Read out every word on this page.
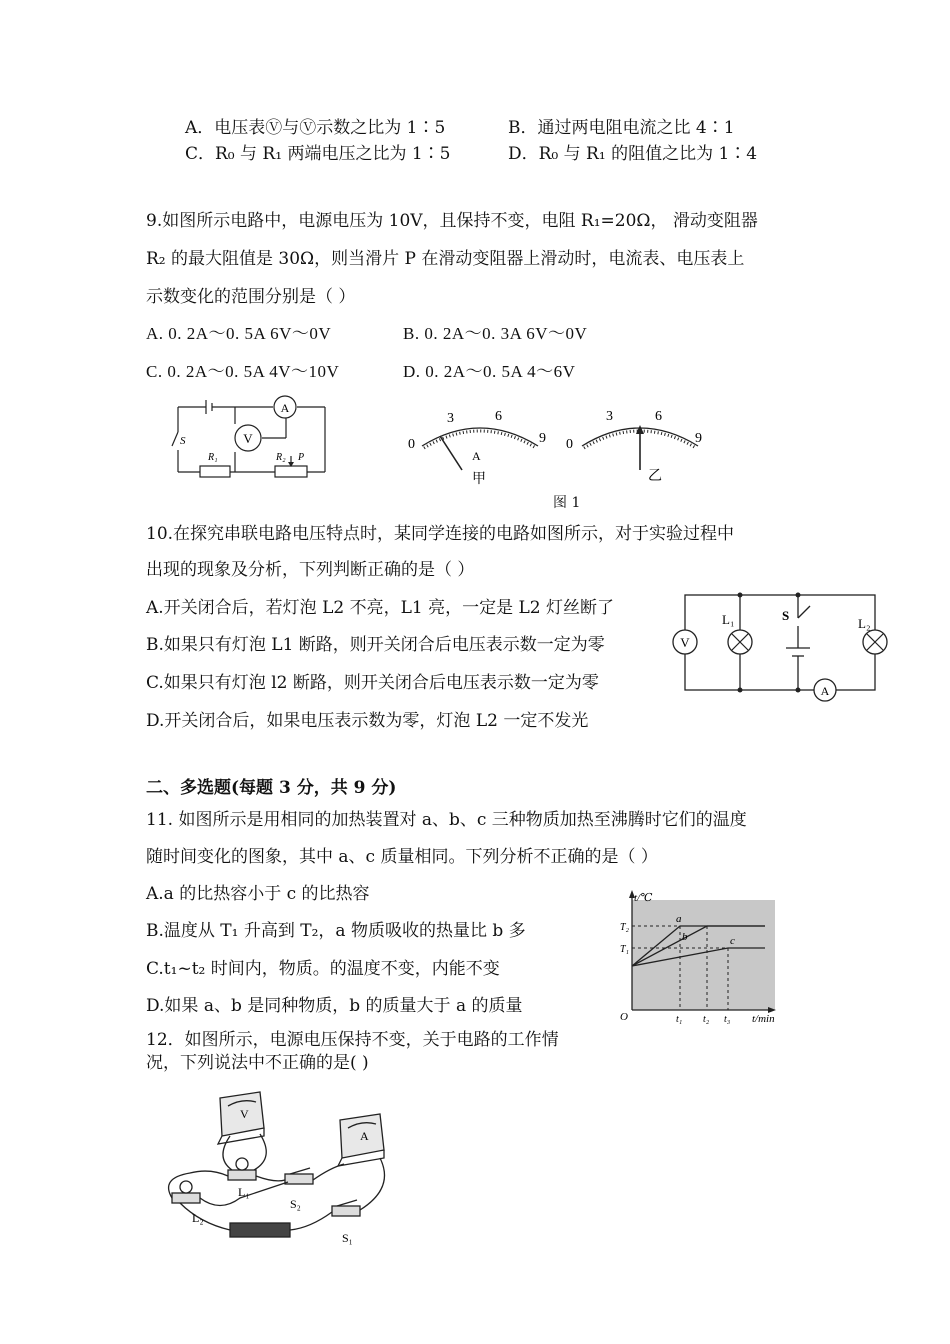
A．电压表Ⓥ与Ⓥ示数之比为 1∶5	B．通过两电阻电流之比 4∶1
C．R₀ 与 R₁ 两端电压之比为 1∶5	D．R₀ 与 R₁ 的阻值之比为 1∶4
9.如图所示电路中，电源电压为 10V，且保持不变，电阻 R₁=20Ω， 滑动变阻器
R₂ 的最大阻值是 30Ω，则当滑片 P 在滑动变阻器上滑动时，电流表、电压表上
示数变化的范围分别是（ ）
A. 0. 2A～0. 5A 6V～0V	B. 0. 2A～0. 3A 6V～0V
C. 0. 2A～0. 5A 4V～10V	D. 0. 2A～0. 5A 4～6V
A
V
S
R₁	R₂ P
0
3	6
9
A
甲
0
3	6
9
乙
图 1
10.在探究串联电路电压特点时，某同学连接的电路如图所示，对于实验过程中
出现的现象及分析，下列判断正确的是（ ）
A.开关闭合后，若灯泡 L2 不亮，L1 亮，一定是 L2 灯丝断了
B.如果只有灯泡 L1 断路，则开关闭合后电压表示数一定为零
C.如果只有灯泡 l2 断路，则开关闭合后电压表示数一定为零
D.开关闭合后，如果电压表示数为零，灯泡 L2 一定不发光
V
L₁	S
L₂
A
二、多选题(每题 3 分，共 9 分)
11. 如图所示是用相同的加热装置对 a、b、c 三种物质加热至沸腾时它们的温度
随时间变化的图象，其中 a、c 质量相同。下列分析不正确的是（ ）
A.a 的比热容小于 c 的比热容
B.温度从 T₁ 升高到 T₂，a 物质吸收的热量比 b 多
C.t₁~t₂ 时间内，物质。的温度不变，内能不变
D.如果 a、b 是同种物质，b 的质量大于 a 的质量
t/℃
t/min
O
T₂
T₁
t₁ t₂ t₃
a
b	c
12．如图所示，电源电压保持不变，关于电路的工作情
况，下列说法中不正确的是( )
V
A
L₁
L₂
S₂
S₁
